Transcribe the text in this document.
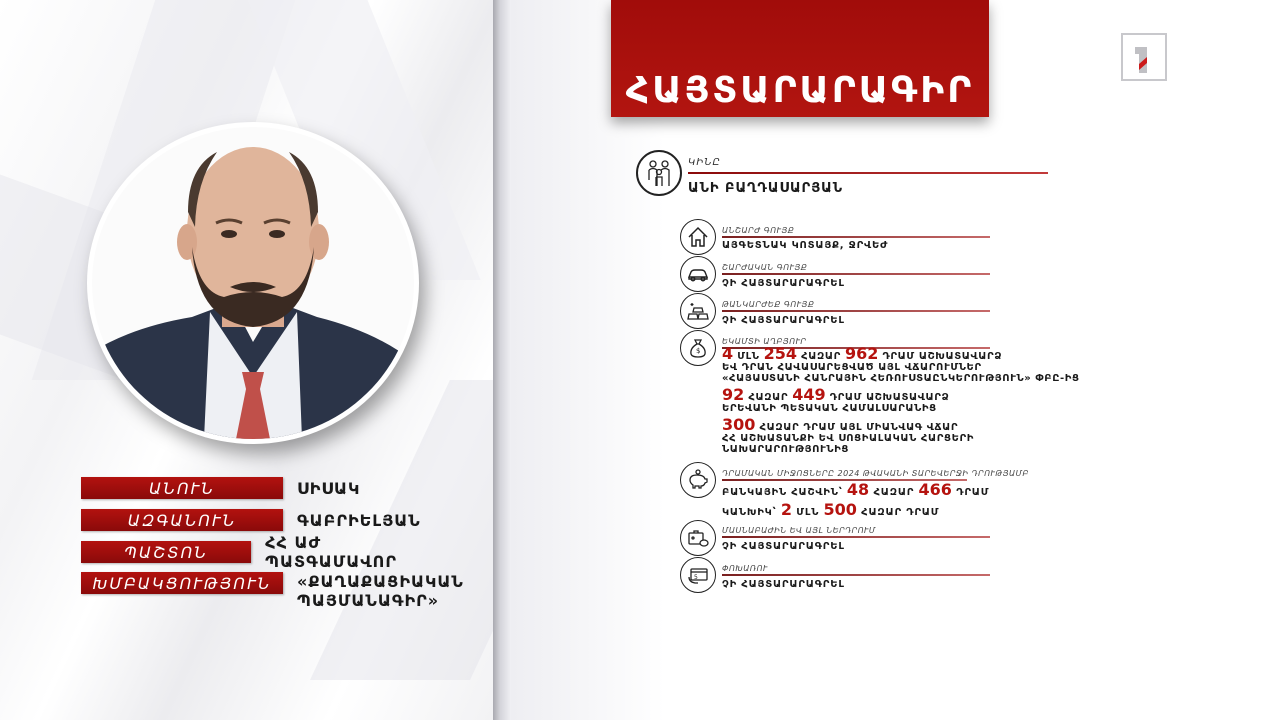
ԱՆՈՒՆ	ՍԻՍԱԿ
ԱԶԳԱՆՈՒՆ	ԳԱԲՐԻԵԼՅԱՆ
ՊԱՇՏՈՆ	ՀՀ ԱԺ ՊԱՏԳԱՄԱՎՈՐ
ԽՄԲԱԿՑՈՒԹՅՈՒՆ	«ՔԱՂԱՔԱՑԻԱԿԱՆ
ՊԱՅՄԱՆԱԳԻՐ»
ՀԱՅՏԱՐԱՐԱԳԻՐ
ԿԻՆԸ
ԱՆԻ ԲԱՂԴԱՍԱՐՅԱՆ
ԱՆՇԱՐԺ ԳՈՒՅՔ
ԱՅԳԵՏՆԱԿ ԿՈՏԱՅՔ, ՋՐՎԵԺ
ՇԱՐԺԱԿԱՆ ԳՈՒՅՔ
ՉԻ ՀԱՅՏԱՐԱՐԱԳՐԵԼ
ԹԱՆԿԱՐԺԵՔ ԳՈՒՅՔ
ՉԻ ՀԱՅՏԱՐԱՐԱԳՐԵԼ
$
ԵԿԱՄՏԻ ԱՂԲՅՈՒՐ
4 ՄԼՆ 254 ՀԱԶԱՐ 962 ԴՐԱՄ ԱՇԽԱՏԱՎԱՐՁ
ԵՎ ԴՐԱՆ ՀԱՎԱՍԱՐԵՑՎԱԾ ԱՅԼ ՎՃԱՐՈՒՄՆԵՐ
«ՀԱՅԱՍՏԱՆԻ ՀԱՆՐԱՅԻՆ ՀԵՌՈՒՍՏԱԸՆԿԵՐՈՒԹՅՈՒՆ» ՓԲԸ-ԻՑ
92 ՀԱԶԱՐ 449 ԴՐԱՄ ԱՇԽԱՏԱՎԱՐՁ
ԵՐԵՎԱՆԻ ՊԵՏԱԿԱՆ ՀԱՄԱԼՍԱՐԱՆԻՑ
300 ՀԱԶԱՐ ԴՐԱՄ ԱՅԼ ՄԻԱՆՎԱԳ ՎՃԱՐ
ՀՀ ԱՇԽԱՏԱՆՔԻ ԵՎ ՍՈՑԻԱԼԱԿԱՆ ՀԱՐՑԵՐԻ
ՆԱԽԱՐԱՐՈՒԹՅՈՒՆԻՑ
ԴՐԱՄԱԿԱՆ ՄԻՋՈՑՆԵՐԸ 2024 ԹՎԱԿԱՆԻ ՏԱՐԵՎԵՐՋԻ ԴՐՈՒԹՅԱՄԲ
ԲԱՆԿԱՅԻՆ ՀԱՇՎԻՆ՝ 48 ՀԱԶԱՐ 466 ԴՐԱՄ
ԿԱՆԽԻԿ՝ 2 ՄԼՆ 500 ՀԱԶԱՐ ԴՐԱՄ
ՄԱՍՆԱԲԱԺԻՆ ԵՎ ԱՅԼ ՆԵՐԴՐՈՒՄ
ՉԻ ՀԱՅՏԱՐԱՐԱԳՐԵԼ
5
ՓՈԽԱՌՈՒ
ՉԻ ՀԱՅՏԱՐԱՐԱԳՐԵԼ
